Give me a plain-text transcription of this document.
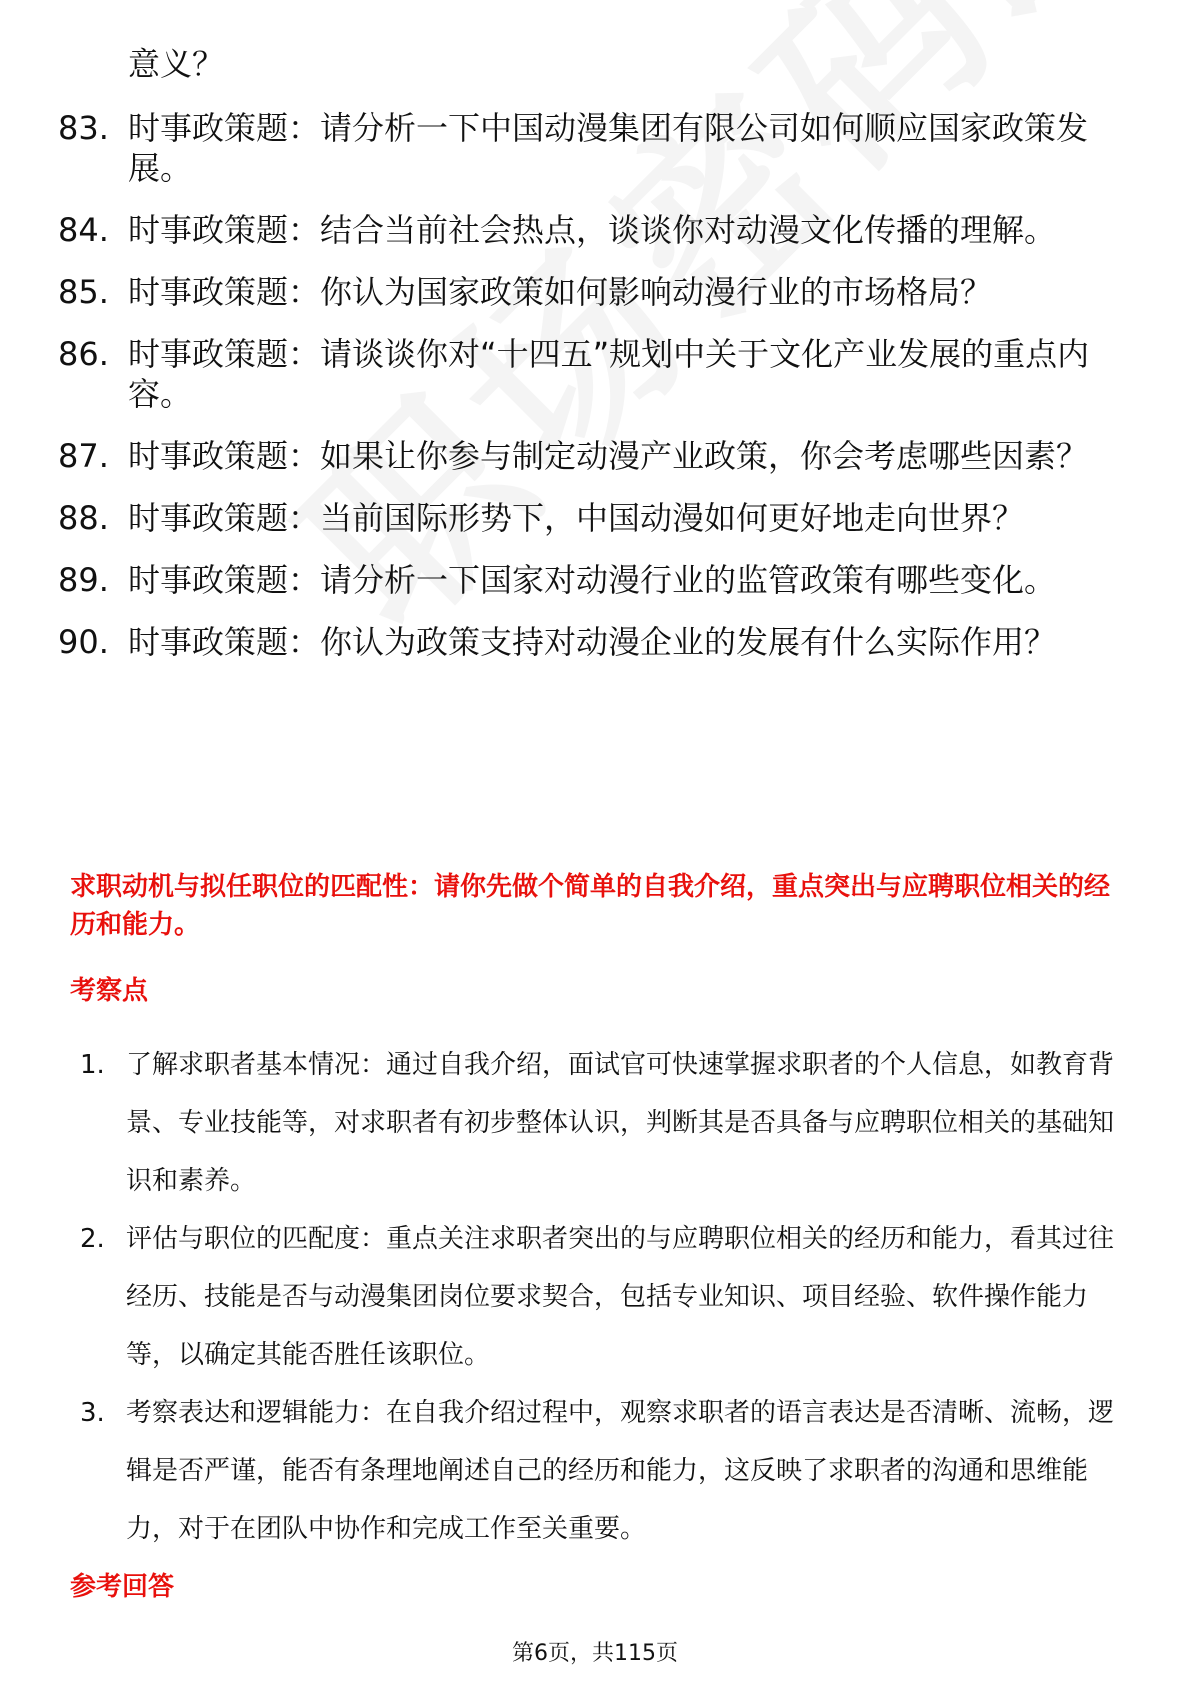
意义？
83. 时事政策题：请分析一下中国动漫集团有限公司如何顺应国家政策发展。
84. 时事政策题：结合当前社会热点，谈谈你对动漫文化传播的理解。
85. 时事政策题：你认为国家政策如何影响动漫行业的市场格局？
86. 时事政策题：请谈谈你对“十四五”规划中关于文化产业发展的重点内容。
87. 时事政策题：如果让你参与制定动漫产业政策，你会考虑哪些因素？
88. 时事政策题：当前国际形势下，中国动漫如何更好地走向世界？
89. 时事政策题：请分析一下国家对动漫行业的监管政策有哪些变化。
90. 时事政策题：你认为政策支持对动漫企业的发展有什么实际作用？
求职动机与拟任职位的匹配性：请你先做个简单的自我介绍，重点突出与应聘职位相关的经历和能力。
考察点
1. 了解求职者基本情况：通过自我介绍，面试官可快速掌握求职者的个人信息，如教育背景、专业技能等，对求职者有初步整体认识，判断其是否具备与应聘职位相关的基础知识和素养。
2. 评估与职位的匹配度：重点关注求职者突出的与应聘职位相关的经历和能力，看其过往经历、技能是否与动漫集团岗位要求契合，包括专业知识、项目经验、软件操作能力等，以确定其能否胜任该职位。
3. 考察表达和逻辑能力：在自我介绍过程中，观察求职者的语言表达是否清晰、流畅，逻辑是否严谨，能否有条理地阐述自己的经历和能力，这反映了求职者的沟通和思维能力，对于在团队中协作和完成工作至关重要。
参考回答
第6页，共115页
